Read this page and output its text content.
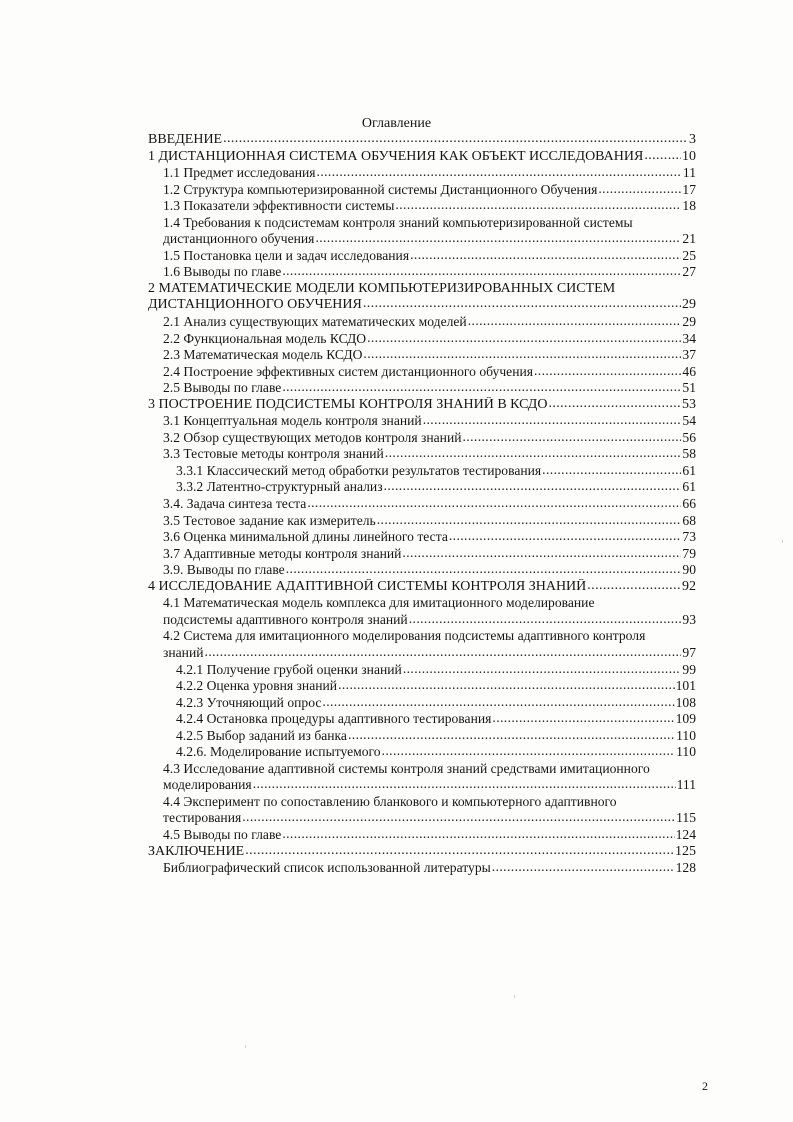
Оглавление
ВВЕДЕНИЕ .....	3
1 ДИСТАНЦИОННАЯ СИСТЕМА ОБУЧЕНИЯ КАК ОБЪЕКТ ИССЛЕДОВАНИЯ .....	10
1.1 Предмет исследования .....	11
1.2 Структура компьютеризированной системы Дистанционного Обучения .....	17
1.3 Показатели эффективности системы .....	18
1.4 Требования к подсистемам контроля знаний компьютеризированной системы
дистанционного обучения .....	21
1.5 Постановка цели и задач исследования .....	25
1.6 Выводы по главе .....	27
2 МАТЕМАТИЧЕСКИЕ МОДЕЛИ КОМПЬЮТЕРИЗИРОВАННЫХ СИСТЕМ
ДИСТАНЦИОННОГО ОБУЧЕНИЯ .....	29
2.1 Анализ существующих математических моделей .....	29
2.2 Функциональная модель КСДО .....	34
2.3 Математическая модель КСДО .....	37
2.4 Построение эффективных систем дистанционного обучения .....	46
2.5 Выводы по главе .....	51
3 ПОСТРОЕНИЕ ПОДСИСТЕМЫ КОНТРОЛЯ ЗНАНИЙ В КСДО .....	53
3.1 Концептуальная модель контроля знаний .....	54
3.2 Обзор существующих методов контроля знаний .....	56
3.3 Тестовые методы контроля знаний .....	58
3.3.1 Классический метод обработки результатов тестирования .....	61
3.3.2 Латентно-структурный анализ .....	61
3.4. Задача синтеза теста .....	66
3.5 Тестовое задание как измеритель .....	68
3.6 Оценка минимальной длины линейного теста .....	73
3.7 Адаптивные методы контроля знаний .....	79
3.9. Выводы по главе .....	90
4 ИССЛЕДОВАНИЕ АДАПТИВНОЙ СИСТЕМЫ КОНТРОЛЯ ЗНАНИЙ .....	92
4.1 Математическая модель комплекса для имитационного моделирование
подсистемы адаптивного контроля знаний .....	93
4.2 Система для имитационного моделирования подсистемы адаптивного контроля
знаний .....	97
4.2.1 Получение грубой оценки знаний .....	99
4.2.2 Оценка уровня знаний .....	101
4.2.3 Уточняющий опрос .....	108
4.2.4 Остановка процедуры адаптивного тестирования .....	109
4.2.5 Выбор заданий из банка .....	110
4.2.6. Моделирование испытуемого .....	110
4.3 Исследование адаптивной системы контроля знаний средствами имитационного
моделирования .....	111
4.4 Эксперимент по сопоставлению бланкового и компьютерного адаптивного
тестирования .....	115
4.5 Выводы по главе .....	124
ЗАКЛЮЧЕНИЕ .....	125
Библиографический список использованной литературы .....	128
2
